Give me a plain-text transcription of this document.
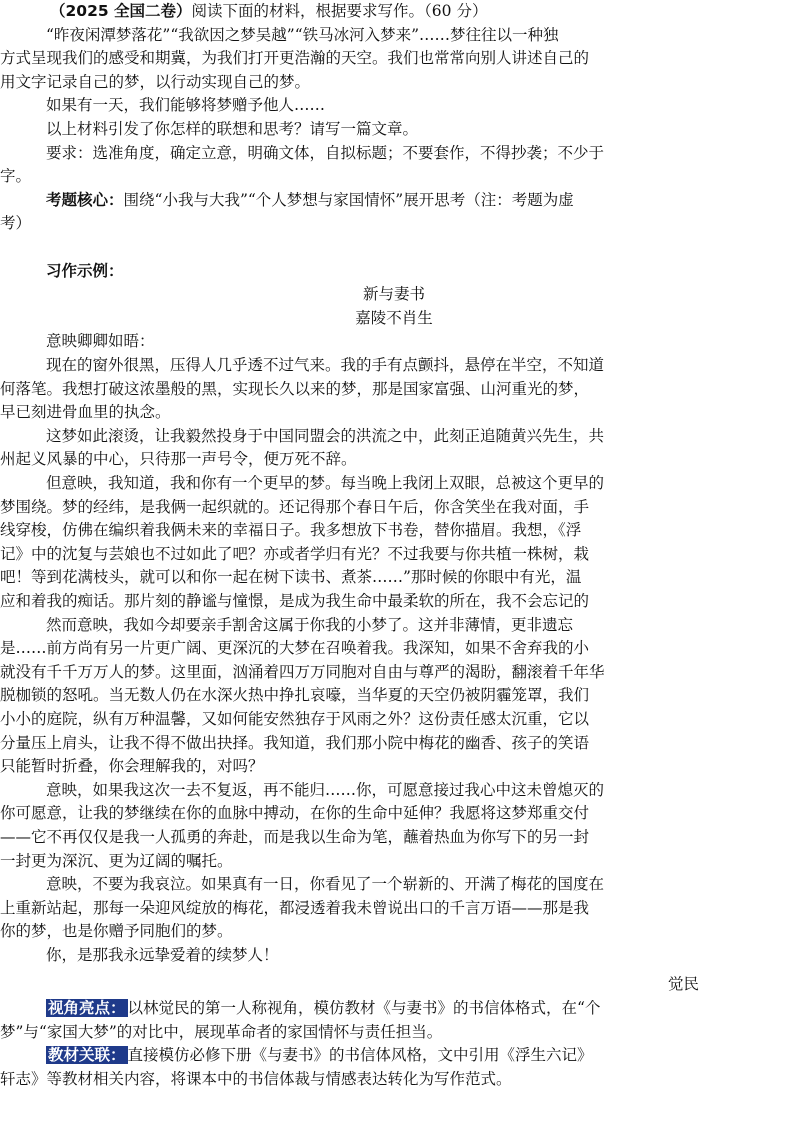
（2025 全国二卷）阅读下面的材料，根据要求写作。（60 分）
“昨夜闲潭梦落花”“我欲因之梦吴越”“铁马冰河入梦来”……梦往往以一种独
方式呈现我们的感受和期冀，为我们打开更浩瀚的天空。我们也常常向别人讲述自己的
用文字记录自己的梦，以行动实现自己的梦。
如果有一天，我们能够将梦赠予他人……
以上材料引发了你怎样的联想和思考？请写一篇文章。
要求：选准角度，确定立意，明确文体，自拟标题；不要套作，不得抄袭；不少于
字。
考题核心：围绕“小我与大我”“个人梦想与家国情怀”展开思考（注：考题为虚
考）
习作示例：
新与妻书
嘉陵不肖生
意映卿卿如晤：
现在的窗外很黑，压得人几乎透不过气来。我的手有点颤抖，悬停在半空，不知道
何落笔。我想打破这浓墨般的黑，实现长久以来的梦，那是国家富强、山河重光的梦，
早已刻进骨血里的执念。
这梦如此滚烫，让我毅然投身于中国同盟会的洪流之中，此刻正追随黄兴先生，共
州起义风暴的中心，只待那一声号令，便万死不辞。
但意映，我知道，我和你有一个更早的梦。每当晚上我闭上双眼，总被这个更早的
梦围绕。梦的经纬，是我俩一起织就的。还记得那个春日午后，你含笑坐在我对面，手
线穿梭，仿佛在编织着我俩未来的幸福日子。我多想放下书卷，替你描眉。我想，《浮
记》中的沈复与芸娘也不过如此了吧？亦或者学归有光？不过我要与你共植一株树，栽
吧！等到花满枝头，就可以和你一起在树下读书、煮茶……”那时候的你眼中有光，温
应和着我的痴话。那片刻的静谧与憧憬，是成为我生命中最柔软的所在，我不会忘记的
然而意映，我如今却要亲手割舍这属于你我的小梦了。这并非薄情，更非遗忘
是……前方尚有另一片更广阔、更深沉的大梦在召唤着我。我深知，如果不舍弃我的小
就没有千千万万人的梦。这里面，汹涌着四万万同胞对自由与尊严的渴盼，翻滚着千年华
脱枷锁的怒吼。当无数人仍在水深火热中挣扎哀嚎，当华夏的天空仍被阴霾笼罩，我们
小小的庭院，纵有万种温馨，又如何能安然独存于风雨之外？这份责任感太沉重，它以
分量压上肩头，让我不得不做出抉择。我知道，我们那小院中梅花的幽香、孩子的笑语
只能暂时折叠，你会理解我的，对吗？
意映，如果我这次一去不复返，再不能归……你，可愿意接过我心中这未曾熄灭的
你可愿意，让我的梦继续在你的血脉中搏动，在你的生命中延伸？我愿将这梦郑重交付
——它不再仅仅是我一人孤勇的奔赴，而是我以生命为笔，蘸着热血为你写下的另一封
一封更为深沉、更为辽阔的嘱托。
意映，不要为我哀泣。如果真有一日，你看见了一个崭新的、开满了梅花的国度在
上重新站起，那每一朵迎风绽放的梅花，都浸透着我未曾说出口的千言万语——那是我
你的梦，也是你赠予同胞们的梦。
你，是那我永远挚爱着的续梦人！
觉民
视角亮点： 以林觉民的第一人称视角，模仿教材《与妻书》的书信体格式，在“个
梦”与“家国大梦”的对比中，展现革命者的家国情怀与责任担当。
教材关联： 直接模仿必修下册《与妻书》的书信体风格，文中引用《浮生六记》
轩志》等教材相关内容，将课本中的书信体裁与情感表达转化为写作范式。
